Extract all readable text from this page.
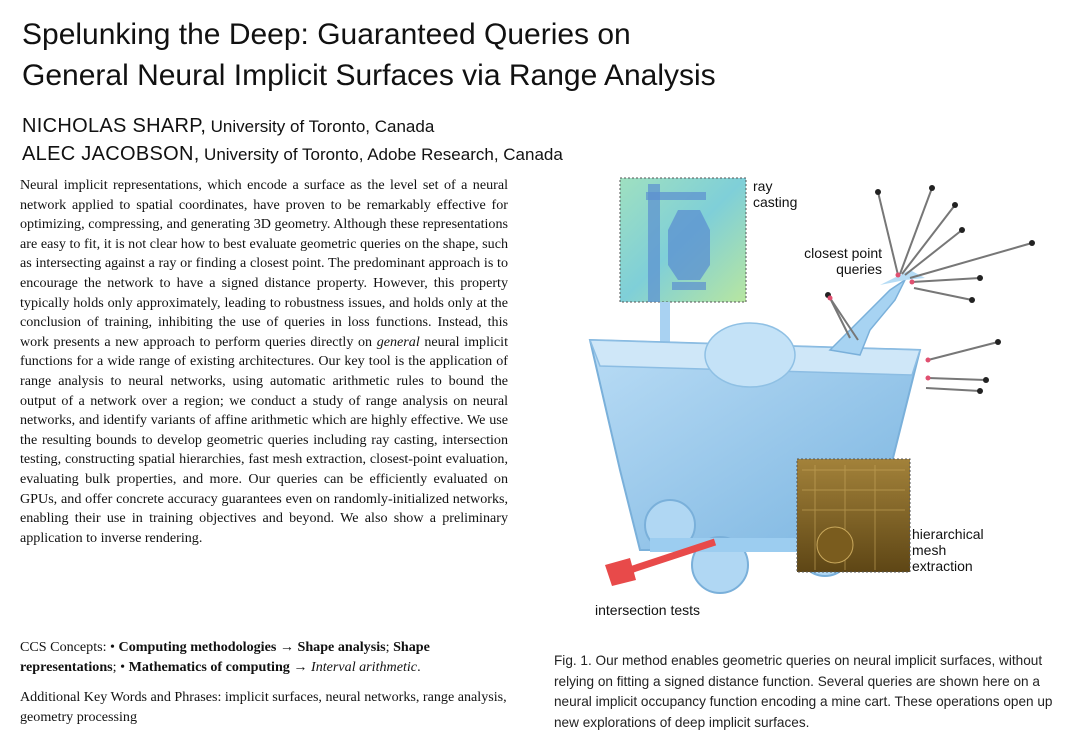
Spelunking the Deep: Guaranteed Queries on
General Neural Implicit Surfaces via Range Analysis
NICHOLAS SHARP, University of Toronto, Canada
ALEC JACOBSON, University of Toronto, Adobe Research, Canada
Neural implicit representations, which encode a surface as the level set of a neural network applied to spatial coordinates, have proven to be remarkably effective for optimizing, compressing, and generating 3D geometry. Although these representations are easy to fit, it is not clear how to best evaluate geometric queries on the shape, such as intersecting against a ray or finding a closest point. The predominant approach is to encourage the network to have a signed distance property. However, this property typically holds only approximately, leading to robustness issues, and holds only at the conclusion of training, inhibiting the use of queries in loss functions. Instead, this work presents a new approach to perform queries directly on general neural implicit functions for a wide range of existing architectures. Our key tool is the application of range analysis to neural networks, using automatic arithmetic rules to bound the output of a network over a region; we conduct a study of range analysis on neural networks, and identify variants of affine arithmetic which are highly effective. We use the resulting bounds to develop geometric queries including ray casting, intersection testing, constructing spatial hierarchies, fast mesh extraction, closest-point evaluation, evaluating bulk properties, and more. Our queries can be efficiently evaluated on GPUs, and offer concrete accuracy guarantees even on randomly-initialized networks, enabling their use in training objectives and beyond. We also show a preliminary application to inverse rendering.
CCS Concepts: • Computing methodologies → Shape analysis; Shape representations; • Mathematics of computing → Interval arithmetic.
Additional Key Words and Phrases: implicit surfaces, neural networks, range analysis, geometry processing
ray
casting
closest point
queries
hierarchical
mesh
extraction
intersection tests
Fig. 1. Our method enables geometric queries on neural implicit surfaces, without relying on fitting a signed distance function. Several queries are shown here on a neural implicit occupancy function encoding a mine cart. These operations open up new explorations of deep implicit surfaces.
